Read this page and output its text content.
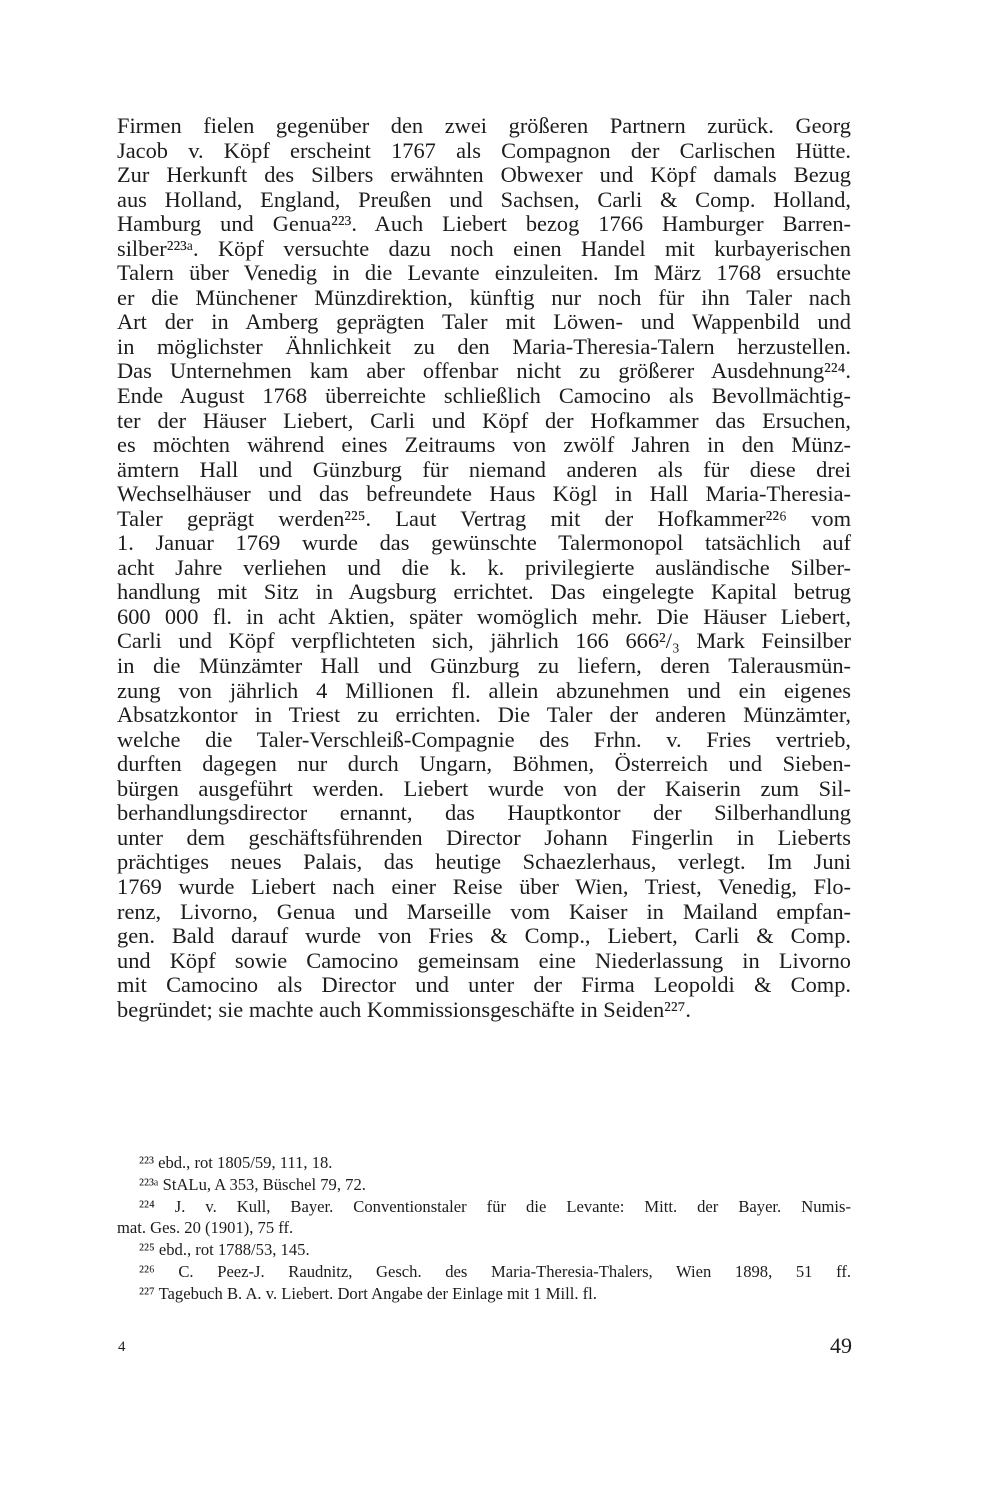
Firmen fielen gegenüber den zwei größeren Partnern zurück. Georg
Jacob v. Köpf erscheint 1767 als Compagnon der Carlischen Hütte.
Zur Herkunft des Silbers erwähnten Obwexer und Köpf damals Bezug
aus Holland, England, Preußen und Sachsen, Carli & Comp. Holland,
Hamburg und Genua²²³. Auch Liebert bezog 1766 Hamburger Barren-
silber²²³ᵃ. Köpf versuchte dazu noch einen Handel mit kurbayerischen
Talern über Venedig in die Levante einzuleiten. Im März 1768 ersuchte
er die Münchener Münzdirektion, künftig nur noch für ihn Taler nach
Art der in Amberg geprägten Taler mit Löwen- und Wappenbild und
in möglichster Ähnlichkeit zu den Maria-Theresia-Talern herzustellen.
Das Unternehmen kam aber offenbar nicht zu größerer Ausdehnung²²⁴.
Ende August 1768 überreichte schließlich Camocino als Bevollmächtig-
ter der Häuser Liebert, Carli und Köpf der Hofkammer das Ersuchen,
es möchten während eines Zeitraums von zwölf Jahren in den Münz-
ämtern Hall und Günzburg für niemand anderen als für diese drei
Wechselhäuser und das befreundete Haus Kögl in Hall Maria-Theresia-
Taler geprägt werden²²⁵. Laut Vertrag mit der Hofkammer²²⁶ vom
1. Januar 1769 wurde das gewünschte Talermonopol tatsächlich auf
acht Jahre verliehen und die k. k. privilegierte ausländische Silber-
handlung mit Sitz in Augsburg errichtet. Das eingelegte Kapital betrug
600 000 fl. in acht Aktien, später womöglich mehr. Die Häuser Liebert,
Carli und Köpf verpflichteten sich, jährlich 166 666²/₃ Mark Feinsilber
in die Münzämter Hall und Günzburg zu liefern, deren Talerausmün-
zung von jährlich 4 Millionen fl. allein abzunehmen und ein eigenes
Absatzkontor in Triest zu errichten. Die Taler der anderen Münzämter,
welche die Taler-Verschleiß-Compagnie des Frhn. v. Fries vertrieb,
durften dagegen nur durch Ungarn, Böhmen, Österreich und Sieben-
bürgen ausgeführt werden. Liebert wurde von der Kaiserin zum Sil-
berhandlungsdirector ernannt, das Hauptkontor der Silberhandlung
unter dem geschäftsführenden Director Johann Fingerlin in Lieberts
prächtiges neues Palais, das heutige Schaezlerhaus, verlegt. Im Juni
1769 wurde Liebert nach einer Reise über Wien, Triest, Venedig, Flo-
renz, Livorno, Genua und Marseille vom Kaiser in Mailand empfan-
gen. Bald darauf wurde von Fries & Comp., Liebert, Carli & Comp.
und Köpf sowie Camocino gemeinsam eine Niederlassung in Livorno
mit Camocino als Director und unter der Firma Leopoldi & Comp.
begründet; sie machte auch Kommissionsgeschäfte in Seiden²²⁷.
²²³ ebd., rot 1805/59, 111, 18.
²²³ᵃ StALu, A 353, Büschel 79, 72.
²²⁴ J. v. Kull, Bayer. Conventionstaler für die Levante: Mitt. der Bayer. Numis-
mat. Ges. 20 (1901), 75 ff.
²²⁵ ebd., rot 1788/53, 145.
²²⁶ C. Peez-J. Raudnitz, Gesch. des Maria-Theresia-Thalers, Wien 1898, 51 ff.
²²⁷ Tagebuch B. A. v. Liebert. Dort Angabe der Einlage mit 1 Mill. fl.
4	49
